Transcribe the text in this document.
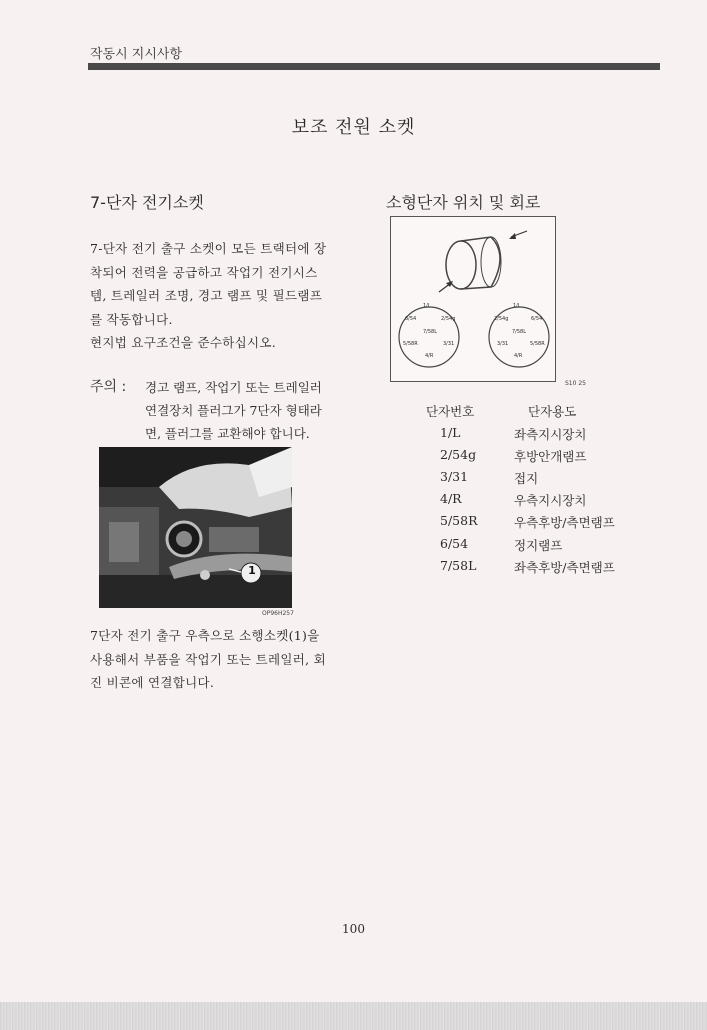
작동시 지시사항
보조 전원 소켓
7-단자 전기소켓
7-단자 전기 출구 소켓이 모든 트랙터에 장
착되어 전력을 공급하고 작업기 전기시스
템, 트레일러 조명, 경고 램프 및 필드램프
를 작동합니다.
현지법 요구조건을 준수하십시오.
주의 : 경고 램프, 작업기 또는 트레일러
연결장치 플러그가 7단자 형태라
면, 플러그를 교환해야 합니다.
1
OP96H257
7단자 전기 출구 우측으로 소행소켓(1)을
사용해서 부품을 작업기 또는 트레일러, 회
진 비콘에 연결합니다.
소형단자 위치 및 회로
1/L
6/54	2/54g
7/58L
5/58R	3/31
4/R
1/L
2/54g	6/54
7/58L
3/31	5/58R
4/R
S10 25
단자번호	단자용도
1/L	좌측지시장치
2/54g	후방안개램프
3/31	접지
4/R	우측지시장치
5/58R	우측후방/측면램프
6/54	정지램프
7/58L	좌측후방/측면램프
100
